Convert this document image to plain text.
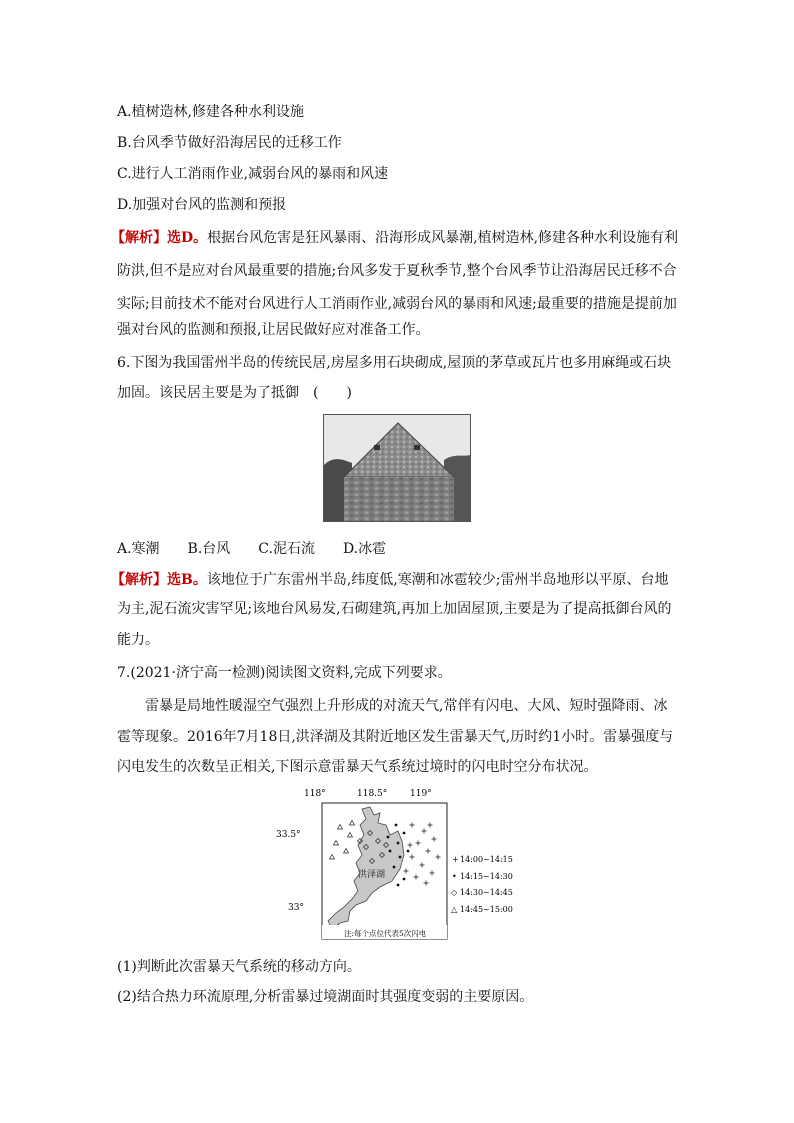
A.植树造林,修建各种水利设施
B.台风季节做好沿海居民的迁移工作
C.进行人工消雨作业,减弱台风的暴雨和风速
D.加强对台风的监测和预报
【解析】选D。根据台风危害是狂风暴雨、沿海形成风暴潮,植树造林,修建各种水利设施有利
防洪,但不是应对台风最重要的措施;台风多发于夏秋季节,整个台风季节让沿海居民迁移不合
实际;目前技术不能对台风进行人工消雨作业,减弱台风的暴雨和风速;最重要的措施是提前加
强对台风的监测和预报,让居民做好应对准备工作。
6.下图为我国雷州半岛的传统民居,房屋多用石块砌成,屋顶的茅草或瓦片也多用麻绳或石块
加固。该民居主要是为了抵御　(　　)
A.寒潮　　B.台风　　C.泥石流　　D.冰雹
【解析】选B。该地位于广东雷州半岛,纬度低,寒潮和冰雹较少;雷州半岛地形以平原、台地
为主,泥石流灾害罕见;该地台风易发,石砌建筑,再加上加固屋顶,主要是为了提高抵御台风的
能力。
7.(2021·济宁高一检测)阅读图文资料,完成下列要求。
　　雷暴是局地性暖湿空气强烈上升形成的对流天气,常伴有闪电、大风、短时强降雨、冰
雹等现象。2016年7月18日,洪泽湖及其附近地区发生雷暴天气,历时约1小时。雷暴强度与
闪电发生的次数呈正相关,下图示意雷暴天气系统过境时的闪电时空分布状况。
118°	118.5°	119°
33.5°
33°
洪泽湖
注:每个点位代表5次闪电
+ 14:00~14:15
• 14:15~14:30
◇ 14:30~14:45
△ 14:45~15:00
(1)判断此次雷暴天气系统的移动方向。
(2)结合热力环流原理,分析雷暴过境湖面时其强度变弱的主要原因。
